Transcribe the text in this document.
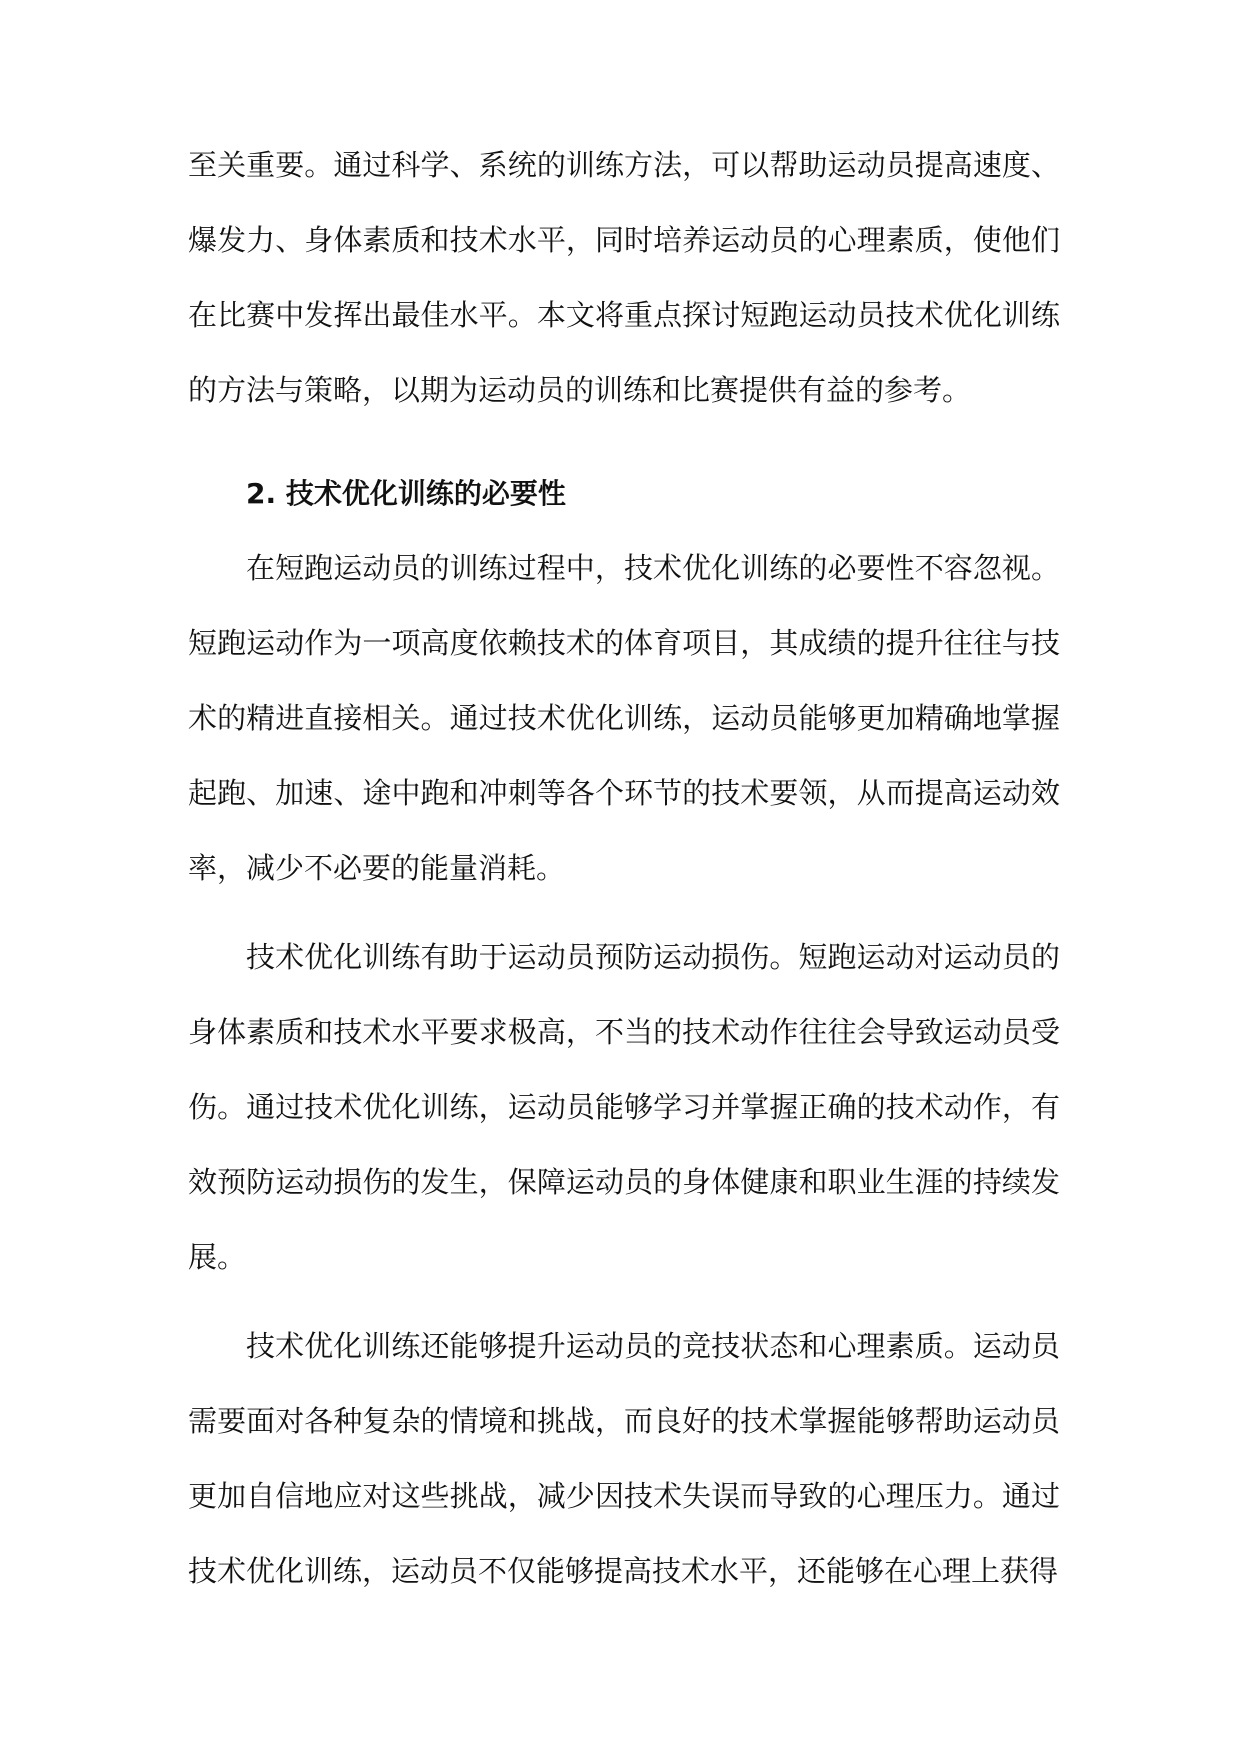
至关重要。通过科学、系统的训练方法，可以帮助运动员提高速度、爆发力、身体素质和技术水平，同时培养运动员的心理素质，使他们在比赛中发挥出最佳水平。本文将重点探讨短跑运动员技术优化训练的方法与策略，以期为运动员的训练和比赛提供有益的参考。

2. 技术优化训练的必要性

在短跑运动员的训练过程中，技术优化训练的必要性不容忽视。短跑运动作为一项高度依赖技术的体育项目，其成绩的提升往往与技术的精进直接相关。通过技术优化训练，运动员能够更加精确地掌握起跑、加速、途中跑和冲刺等各个环节的技术要领，从而提高运动效率，减少不必要的能量消耗。

技术优化训练有助于运动员预防运动损伤。短跑运动对运动员的身体素质和技术水平要求极高，不当的技术动作往往会导致运动员受伤。通过技术优化训练，运动员能够学习并掌握正确的技术动作，有效预防运动损伤的发生，保障运动员的身体健康和职业生涯的持续发展。

技术优化训练还能够提升运动员的竞技状态和心理素质。运动员需要面对各种复杂的情境和挑战，而良好的技术掌握能够帮助运动员更加自信地应对这些挑战，减少因技术失误而导致的心理压力。通过技术优化训练，运动员不仅能够提高技术水平，还能够在心理上获得
